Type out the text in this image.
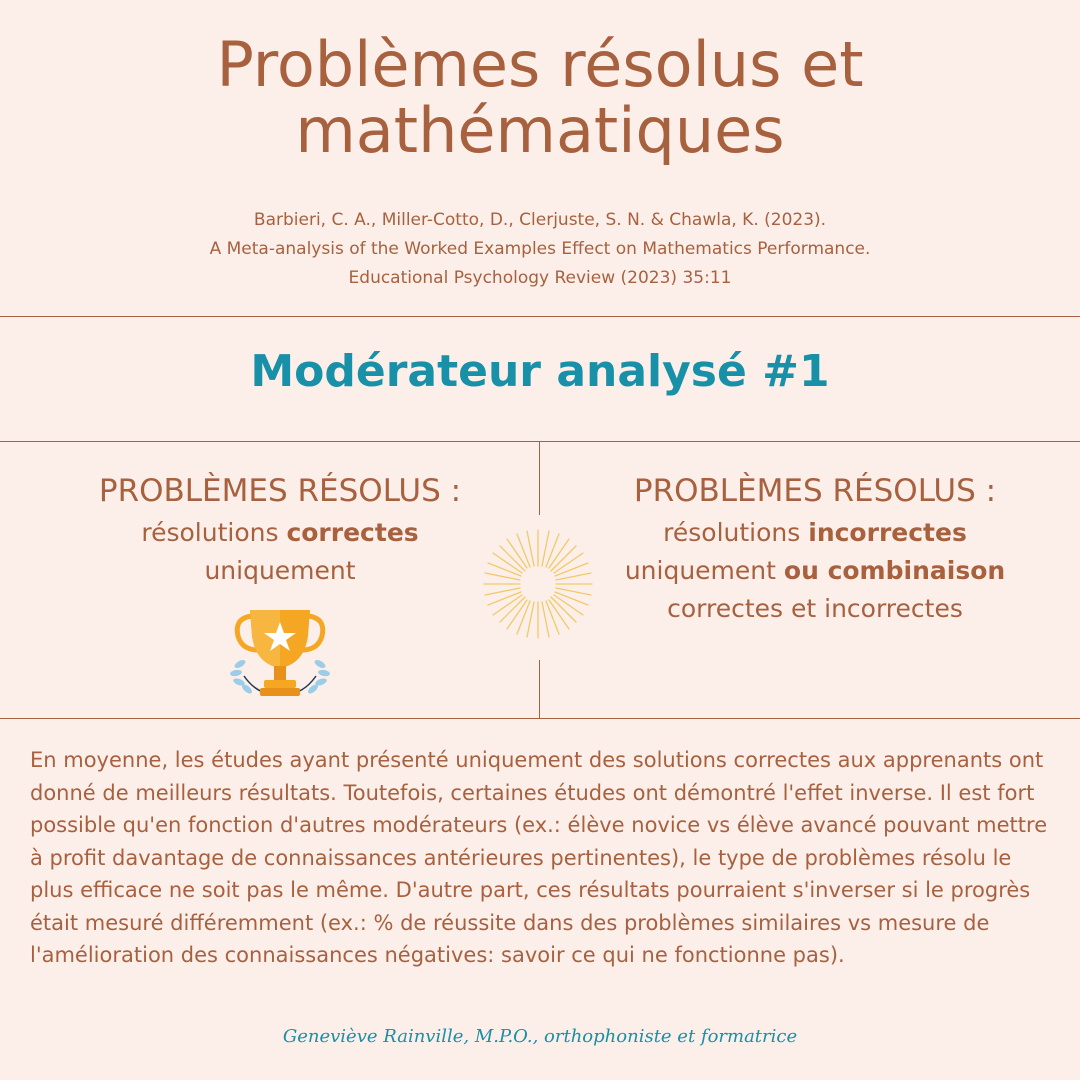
Problèmes résolus et
mathématiques
Barbieri, C. A., Miller-Cotto, D., Clerjuste, S. N. & Chawla, K. (2023).
A Meta-analysis of the Worked Examples Effect on Mathematics Performance.
Educational Psychology Review (2023) 35:11
Modérateur analysé #1
PROBLÈMES RÉSOLUS :
résolutions correctes
uniquement
PROBLÈMES RÉSOLUS :
résolutions incorrectes
uniquement ou combinaison
correctes et incorrectes

En moyenne, les études ayant présenté uniquement des solutions correctes aux apprenants ont donné de meilleurs résultats. Toutefois, certaines études ont démontré l'effet inverse. Il est fort possible qu'en fonction d'autres modérateurs (ex.: élève novice vs élève avancé pouvant mettre à profit davantage de connaissances antérieures pertinentes), le type de problèmes résolu le plus efficace ne soit pas le même. D'autre part, ces résultats pourraient s'inverser si le progrès était mesuré différemment (ex.: % de réussite dans des problèmes similaires vs mesure de l'amélioration des connaissances négatives: savoir ce qui ne fonctionne pas).

Geneviève Rainville, M.P.O., orthophoniste et formatrice
